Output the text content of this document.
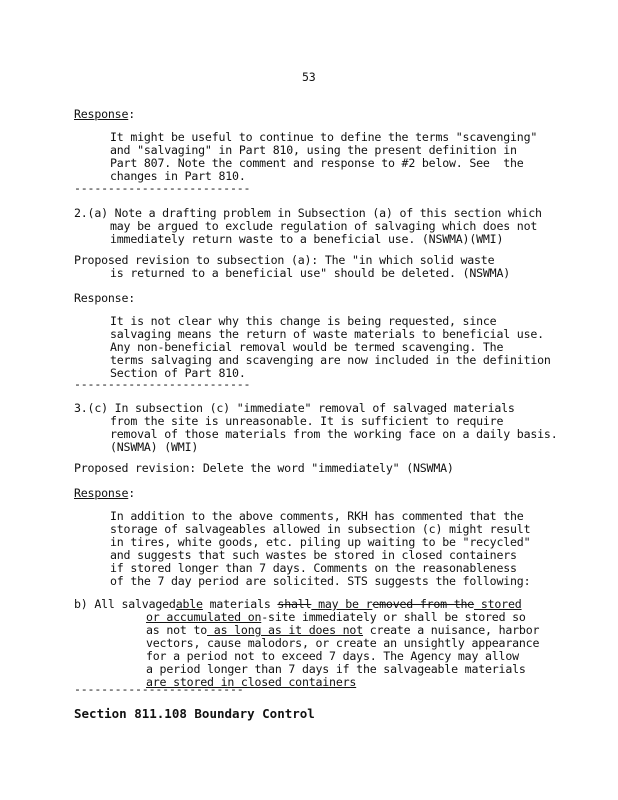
53
Response:
It might be useful to continue to define the terms "scavenging"
and "salvaging" in Part 810, using the present definition in
Part 807. Note the comment and response to #2 below. See  the
changes in Part 810.
--------------------------
2.(a) Note a drafting problem in Subsection (a) of this section which
may be argued to exclude regulation of salvaging which does not
immediately return waste to a beneficial use. (NSWMA)(WMI)
Proposed revision to subsection (a): The "in which solid waste
is returned to a beneficial use" should be deleted. (NSWMA)
Response:
It is not clear why this change is being requested, since
salvaging means the return of waste materials to beneficial use.
Any non-beneficial removal would be termed scavenging. The
terms salvaging and scavenging are now included in the definition
Section of Part 810.
--------------------------
3.(c) In subsection (c) "immediate" removal of salvaged materials
from the site is unreasonable. It is sufficient to require
removal of those materials from the working face on a daily basis.
(NSWMA) (WMI)
Proposed revision: Delete the word "immediately" (NSWMA)
Response:
In addition to the above comments, RKH has commented that the
storage of salvageables allowed in subsection (c) might result
in tires, white goods, etc. piling up waiting to be "recycled"
and suggests that such wastes be stored in closed containers
if stored longer than 7 days. Comments on the reasonableness
of the 7 day period are solicited. STS suggests the following:
b) All salvagedable materials shall may be removed from the stored
or accumulated on-site immediately or shall be stored so
as not to as long as it does not create a nuisance, harbor
vectors, cause malodors, or create an unsightly appearance
for a period not to exceed 7 days. The Agency may allow
a period longer than 7 days if the salvageable materials
are stored in closed containers
-------------------------
Section 811.108 Boundary Control
